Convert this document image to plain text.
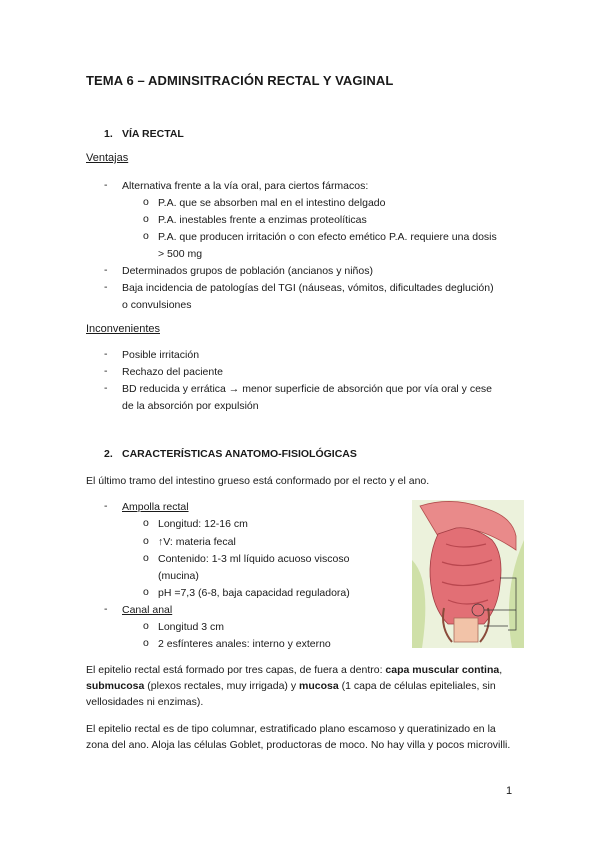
TEMA 6 – ADMINSITRACIÓN RECTAL Y VAGINAL
1. VÍA RECTAL
Ventajas
- Alternativa frente a la vía oral, para ciertos fármacos:
o P.A. que se absorben mal en el intestino delgado
o P.A. inestables frente a enzimas proteolíticas
o P.A. que producen irritación o con efecto emético P.A. requiere una dosis
> 500 mg
- Determinados grupos de población (ancianos y niños)
- Baja incidencia de patologías del TGI (náuseas, vómitos, dificultades deglución)
o convulsiones
Inconvenientes
- Posible irritación
- Rechazo del paciente
- BD reducida y errática → menor superficie de absorción que por vía oral y cese
de la absorción por expulsión
2. CARACTERÍSTICAS ANATOMO-FISIOLÓGICAS
El último tramo del intestino grueso está conformado por el recto y el ano.
- Ampolla rectal
o Longitud: 12-16 cm
o ↑V: materia fecal
o Contenido: 1-3 ml líquido acuoso viscoso
(mucina)
o pH =7,3 (6-8, baja capacidad reguladora)
- Canal anal
o Longitud 3 cm
o 2 esfínteres anales: interno y externo
El epitelio rectal está formado por tres capas, de fuera a dentro: capa muscular contina, submucosa (plexos rectales, muy irrigada) y mucosa (1 capa de células epiteliales, sin vellosidades ni enzimas).
El epitelio rectal es de tipo columnar, estratificado plano escamoso y queratinizado en la zona del ano. Aloja las células Goblet, productoras de moco. No hay villa y pocos microvilli.
1
